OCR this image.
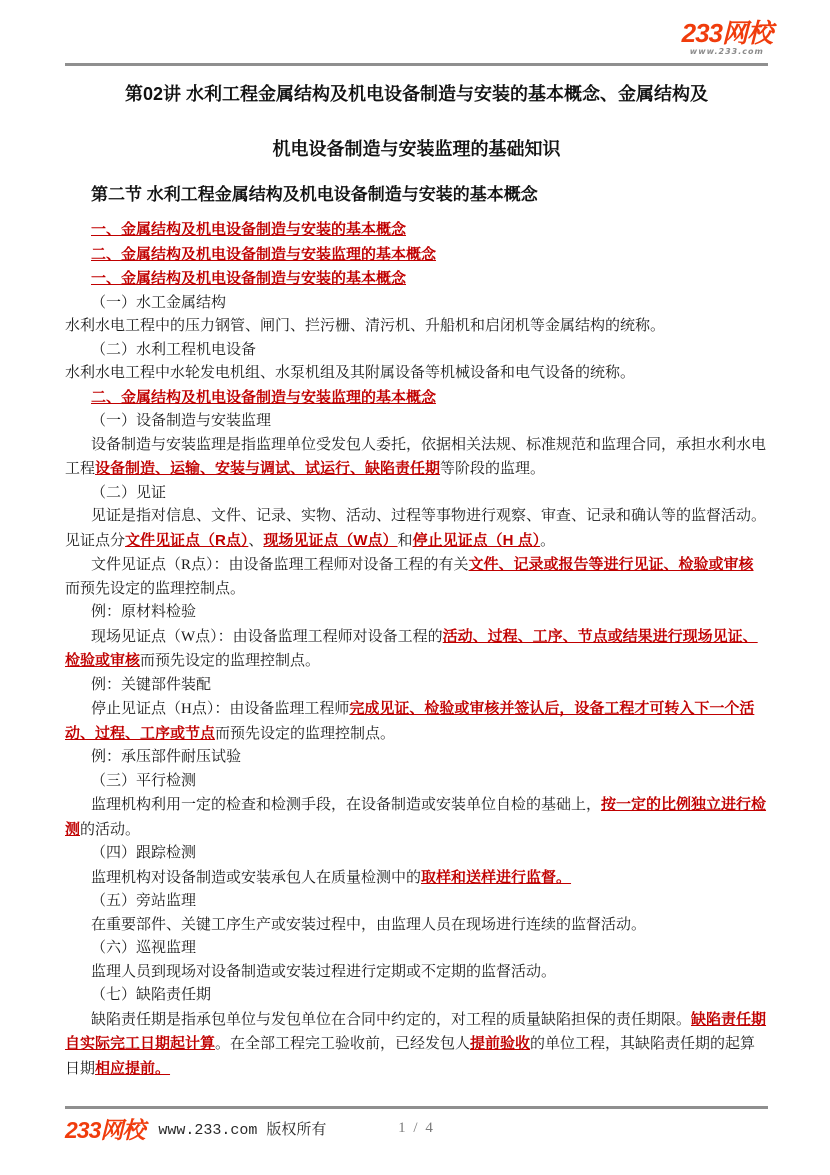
233网校
www.233.com
第02讲 水利工程金属结构及机电设备制造与安装的基本概念、金属结构及
机电设备制造与安装监理的基础知识
第二节 水利工程金属结构及机电设备制造与安装的基本概念

一、金属结构及机电设备制造与安装的基本概念

二、金属结构及机电设备制造与安装监理的基本概念

一、金属结构及机电设备制造与安装的基本概念

（一）水工金属结构

水利水电工程中的压力钢管、闸门、拦污栅、清污机、升船机和启闭机等金属结构的统称。

（二）水利工程机电设备

水利水电工程中水轮发电机组、水泵机组及其附属设备等机械设备和电气设备的统称。

二、金属结构及机电设备制造与安装监理的基本概念

（一）设备制造与安装监理

设备制造与安装监理是指监理单位受发包人委托，依据相关法规、标准规范和监理合同，承担水利水电工程设备制造、运输、安装与调试、试运行、缺陷责任期等阶段的监理。

（二）见证

见证是指对信息、文件、记录、实物、活动、过程等事物进行观察、审查、记录和确认等的监督活动。见证点分文件见证点（R点）、现场见证点（W点）和停止见证点（H 点）。

文件见证点（R点）：由设备监理工程师对设备工程的有关文件、记录或报告等进行见证、检验或审核而预先设定的监理控制点。

例：原材料检验

现场见证点（W点）：由设备监理工程师对设备工程的活动、过程、工序、节点或结果进行现场见证、检验或审核而预先设定的监理控制点。

例：关键部件装配

停止见证点（H点）：由设备监理工程师完成见证、检验或审核并签认后，设备工程才可转入下一个活动、过程、工序或节点而预先设定的监理控制点。

例：承压部件耐压试验

（三）平行检测

监理机构利用一定的检查和检测手段，在设备制造或安装单位自检的基础上，按一定的比例独立进行检测的活动。

（四）跟踪检测

监理机构对设备制造或安装承包人在质量检测中的取样和送样进行监督。

（五）旁站监理

在重要部件、关键工序生产或安装过程中，由监理人员在现场进行连续的监督活动。

（六）巡视监理

监理人员到现场对设备制造或安装过程进行定期或不定期的监督活动。

（七）缺陷责任期

缺陷责任期是指承包单位与发包单位在合同中约定的，对工程的质量缺陷担保的责任期限。缺陷责任期自实际完工日期起计算。在全部工程完工验收前，已经发包人提前验收的单位工程，其缺陷责任期的起算日期相应提前。

233网校 www.233.com 版权所有	1 / 4
